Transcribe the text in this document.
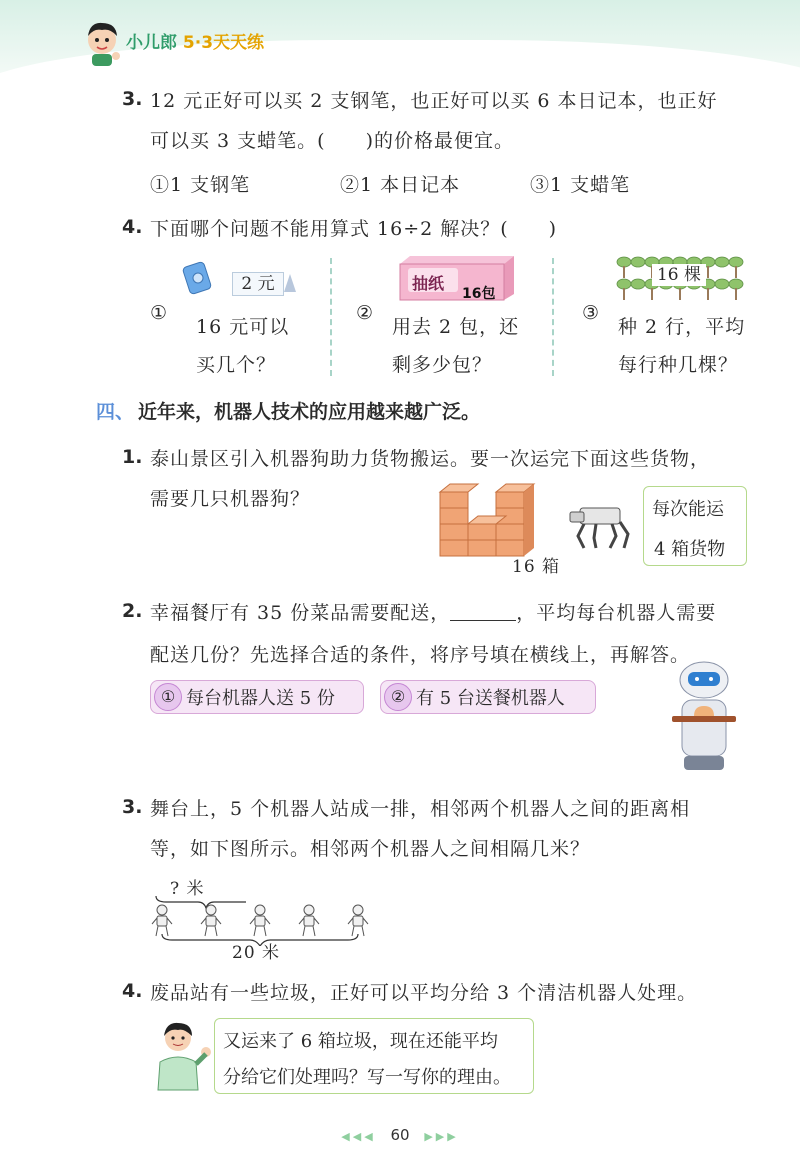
小儿郎 5·3天天练
3. 12 元正好可以买 2 支钢笔，也正好可以买 6 本日记本，也正好
可以买 3 支蜡笔。(　　)的价格最便宜。
①1 支钢笔	②1 本日记本	③1 支蜡笔
4. 下面哪个问题不能用算式 16÷2 解决？(　　)
2 元
①
16 元可以
买几个？
抽纸
16包
②
用去 2 包，还
剩多少包？
16 棵
③
种 2 行，平均
每行种几棵？
四、 近年来，机器人技术的应用越来越广泛。
1. 泰山景区引入机器狗助力货物搬运。要一次运完下面这些货物，
需要几只机器狗？
16 箱
每次能运
4 箱货物
2. 幸福餐厅有 35 份菜品需要配送，	，平均每台机器人需要
配送几份？先选择合适的条件，将序号填在横线上，再解答。
① 每台机器人送 5 份	② 有 5 台送餐机器人
3. 舞台上，5 个机器人站成一排，相邻两个机器人之间的距离相
等，如下图所示。相邻两个机器人之间相隔几米？
? 米
20 米
4. 废品站有一些垃圾，正好可以平均分给 3 个清洁机器人处理。
又运来了 6 箱垃圾，现在还能平均
分给它们处理吗？写一写你的理由。
◀◀◀ 60 ▶▶▶
